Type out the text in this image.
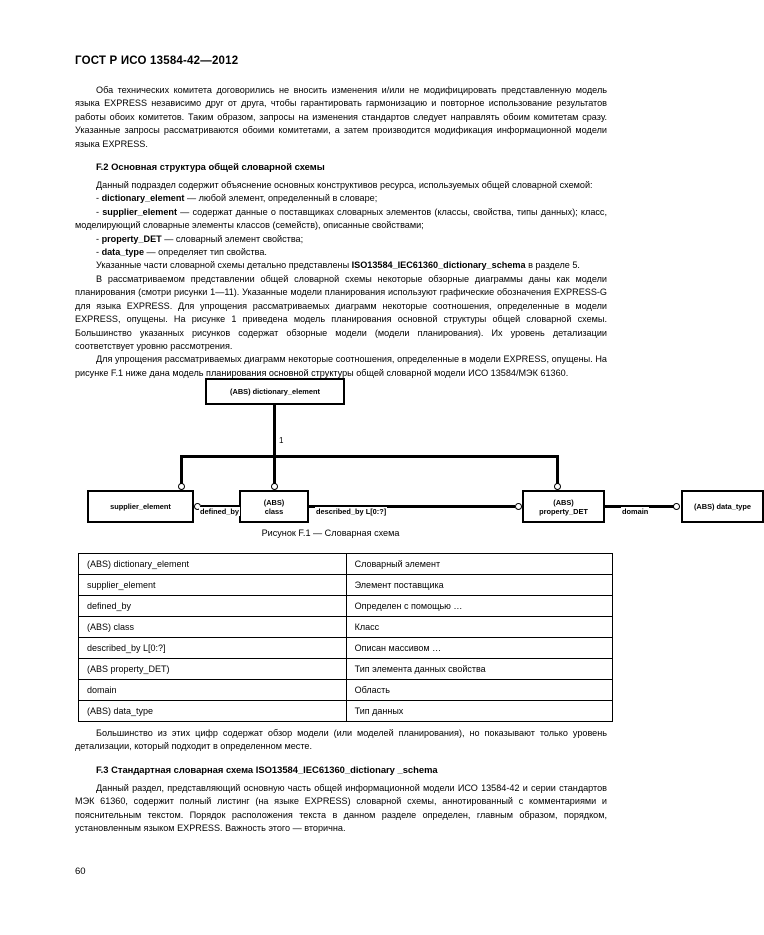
ГОСТ Р ИСО 13584-42—2012

Оба технических комитета договорились не вносить изменения и/или не модифицировать представленную модель языка EXPRESS независимо друг от друга, чтобы гарантировать гармонизацию и повторное использование результатов работы обоих комитетов. Таким образом, запросы на изменения стандартов следует направлять обоим комитетам сразу. Указанные запросы рассматриваются обоими комитетами, а затем производится модификация информационной модели языка EXPRESS.

F.2 Основная структура общей словарной схемы

Данный подраздел содержит объяснение основных конструктивов ресурса, используемых общей словарной схемой:

- dictionary_element — любой элемент, определенный в словаре;

- supplier_element — содержат данные о поставщиках словарных элементов (классы, свойства, типы данных); класс, моделирующий словарные элементы классов (семейств), описанные свойствами;

- property_DET — словарный элемент свойства;

- data_type — определяет тип свойства.

Указанные части словарной схемы детально представлены ISO13584_IEC61360_dictionary_schema в разделе 5.

В рассматриваемом представлении общей словарной схемы некоторые обзорные диаграммы даны как модели планирования (смотри рисунки 1—11). Указанные модели планирования используют графические обозначения EXPRESS-G для языка EXPRESS. Для упрощения рассматриваемых диаграмм некоторые соотношения, определенные в модели EXPRESS, опущены. На рисунке 1 приведена модель планирования основной структуры общей словарной схемы. Большинство указанных рисунков содержат обзорные модели (модели планирования). Их уровень детализации соответствует уровню рассмотрения.

Для упрощения рассматриваемых диаграмм некоторые соотношения, определенные в модели EXPRESS, опущены. На рисунке F.1 ниже дана модель планирования основной структуры общей словарной модели ИСО 13584/МЭК 61360.

(ABS) dictionary_element
1
supplier_element	(ABS)
class
(ABS)
property_DET	(ABS) data_type
defined_by	described_by L[0:?]	domain
Рисунок F.1 — Словарная схема
(ABS) dictionary_element	Словарный элемент
supplier_element	Элемент поставщика
defined_by	Определен с помощью …
(ABS) class	Класс
described_by L[0:?]	Описан массивом …
(ABS property_DET)	Тип элемента данных свойства
domain	Область
(ABS) data_type	Тип данных

Большинство из этих цифр содержат обзор модели (или моделей планирования), но показывают только уровень детализации, который подходит в определенном месте.

F.3 Стандартная словарная схема ISO13584_IEC61360_dictionary _schema

Данный раздел, представляющий основную часть общей информационной модели ИСО 13584-42 и серии стандартов МЭК 61360, содержит полный листинг (на языке EXPRESS) словарной схемы, аннотированный с комментариями и пояснительным текстом. Порядок расположения текста в данном разделе определен, главным образом, порядком, установленным языком EXPRESS. Важность этого — вторична.

60
